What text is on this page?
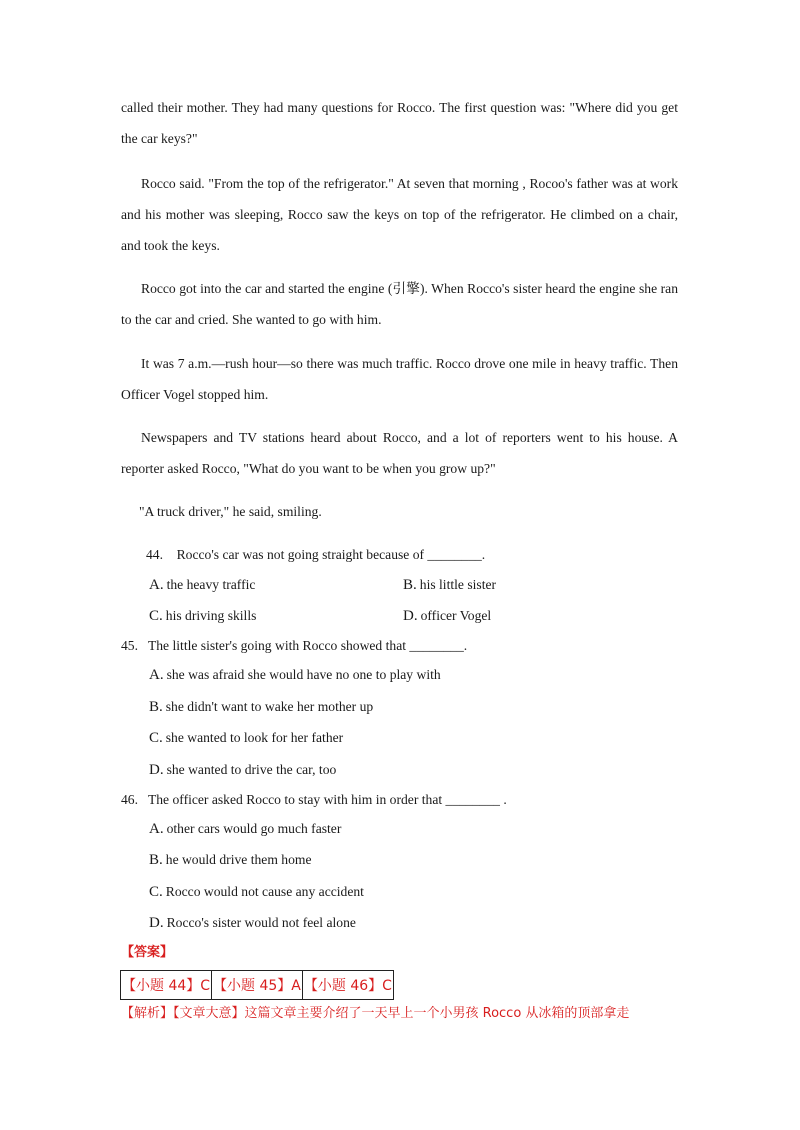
called their mother. They had many questions for Rocco. The first question was: "Where did you get the car keys?"
Rocco said. "From the top of the refrigerator." At seven that morning , Rocoo's father was at work and his mother was sleeping, Rocco saw the keys on top of the refrigerator. He climbed on a chair, and took the keys.
Rocco got into the car and started the engine (引擎). When Rocco's sister heard the engine she ran to the car and cried. She wanted to go with him.
It was 7 a.m.—rush hour—so there was much traffic. Rocco drove one mile in heavy traffic. Then Officer Vogel stopped him.
Newspapers and TV stations heard about Rocco, and a lot of reporters went to his house. A reporter asked Rocco, "What do you want to be when you grow up?"
"A truck driver," he said, smiling.
44. Rocco's car was not going straight because of ________.
A. the heavy traffic	B. his little sister
C. his driving skills	D. officer Vogel
45. The little sister's going with Rocco showed that ________.
A. she was afraid she would have no one to play with
B. she didn't want to wake her mother up
C. she wanted to look for her father
D. she wanted to drive the car, too
46. The officer asked Rocco to stay with him in order that ________ .
A. other cars would go much faster
B. he would drive them home
C. Rocco would not cause any accident
D. Rocco's sister would not feel alone
【答案】
【小题 44】C	【小题 45】A	【小题 46】C
【解析】【文章大意】这篇文章主要介绍了一天早上一个小男孩 Rocco 从冰箱的顶部拿走
